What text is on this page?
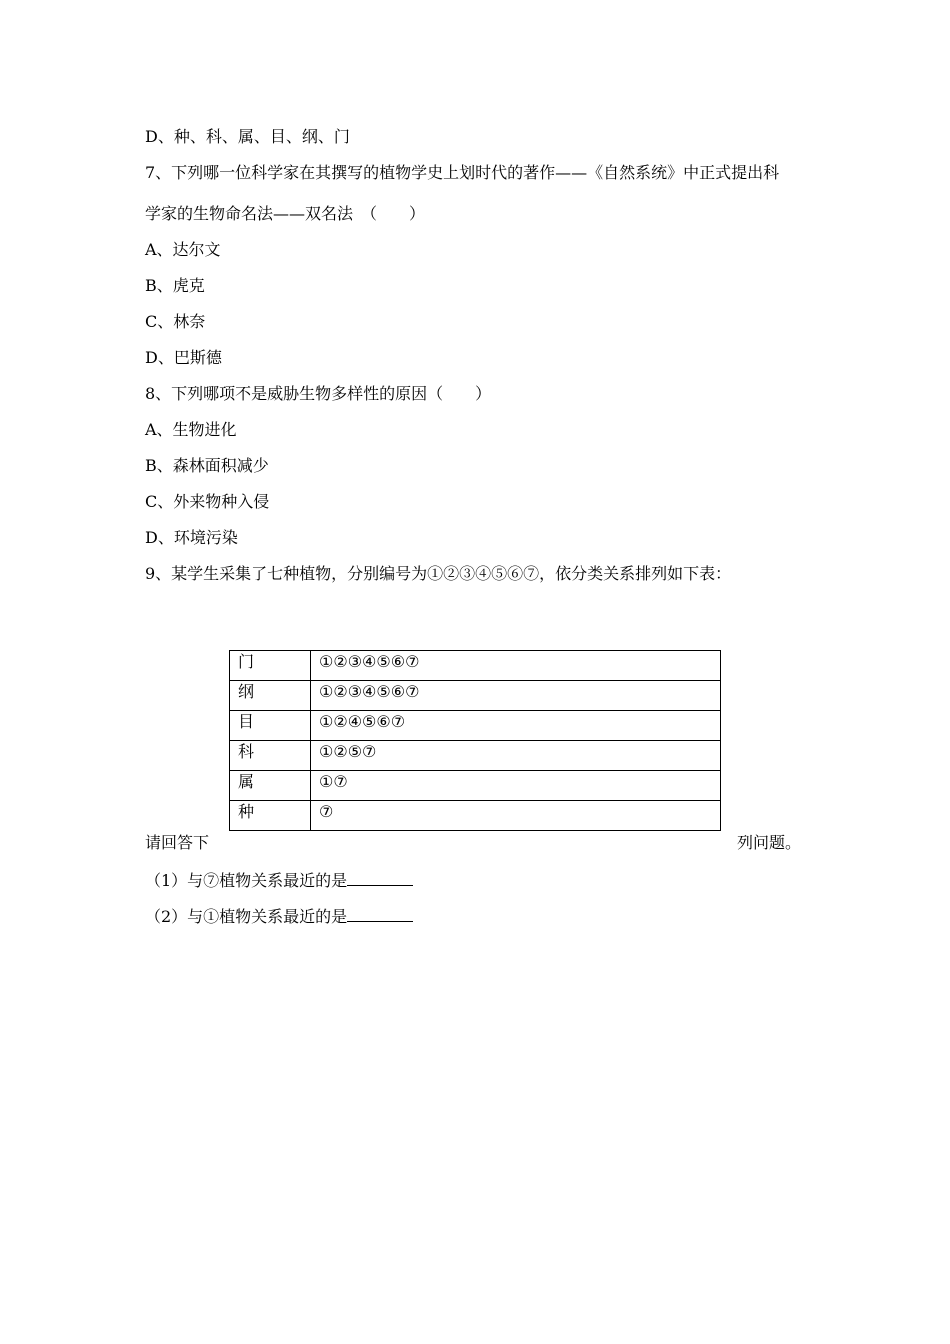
D、种、科、属、目、纲、门
7、下列哪一位科学家在其撰写的植物学史上划时代的著作——《自然系统》中正式提出科
学家的生物命名法——双名法　（　　）
A、达尔文
B、虎克
C、林奈
D、巴斯德
8、下列哪项不是威胁生物多样性的原因（　　）
A、生物进化
B、森林面积减少
C、外来物种入侵
D、环境污染
9、某学生采集了七种植物，分别编号为①②③④⑤⑥⑦，依分类关系排列如下表：
门	①②③④⑤⑥⑦
纲	①②③④⑤⑥⑦
目	①②④⑤⑥⑦
科	①②⑤⑦
属	①⑦
种	⑦
请回答下	列问题。
（1）与⑦植物关系最近的是
（2）与①植物关系最近的是
